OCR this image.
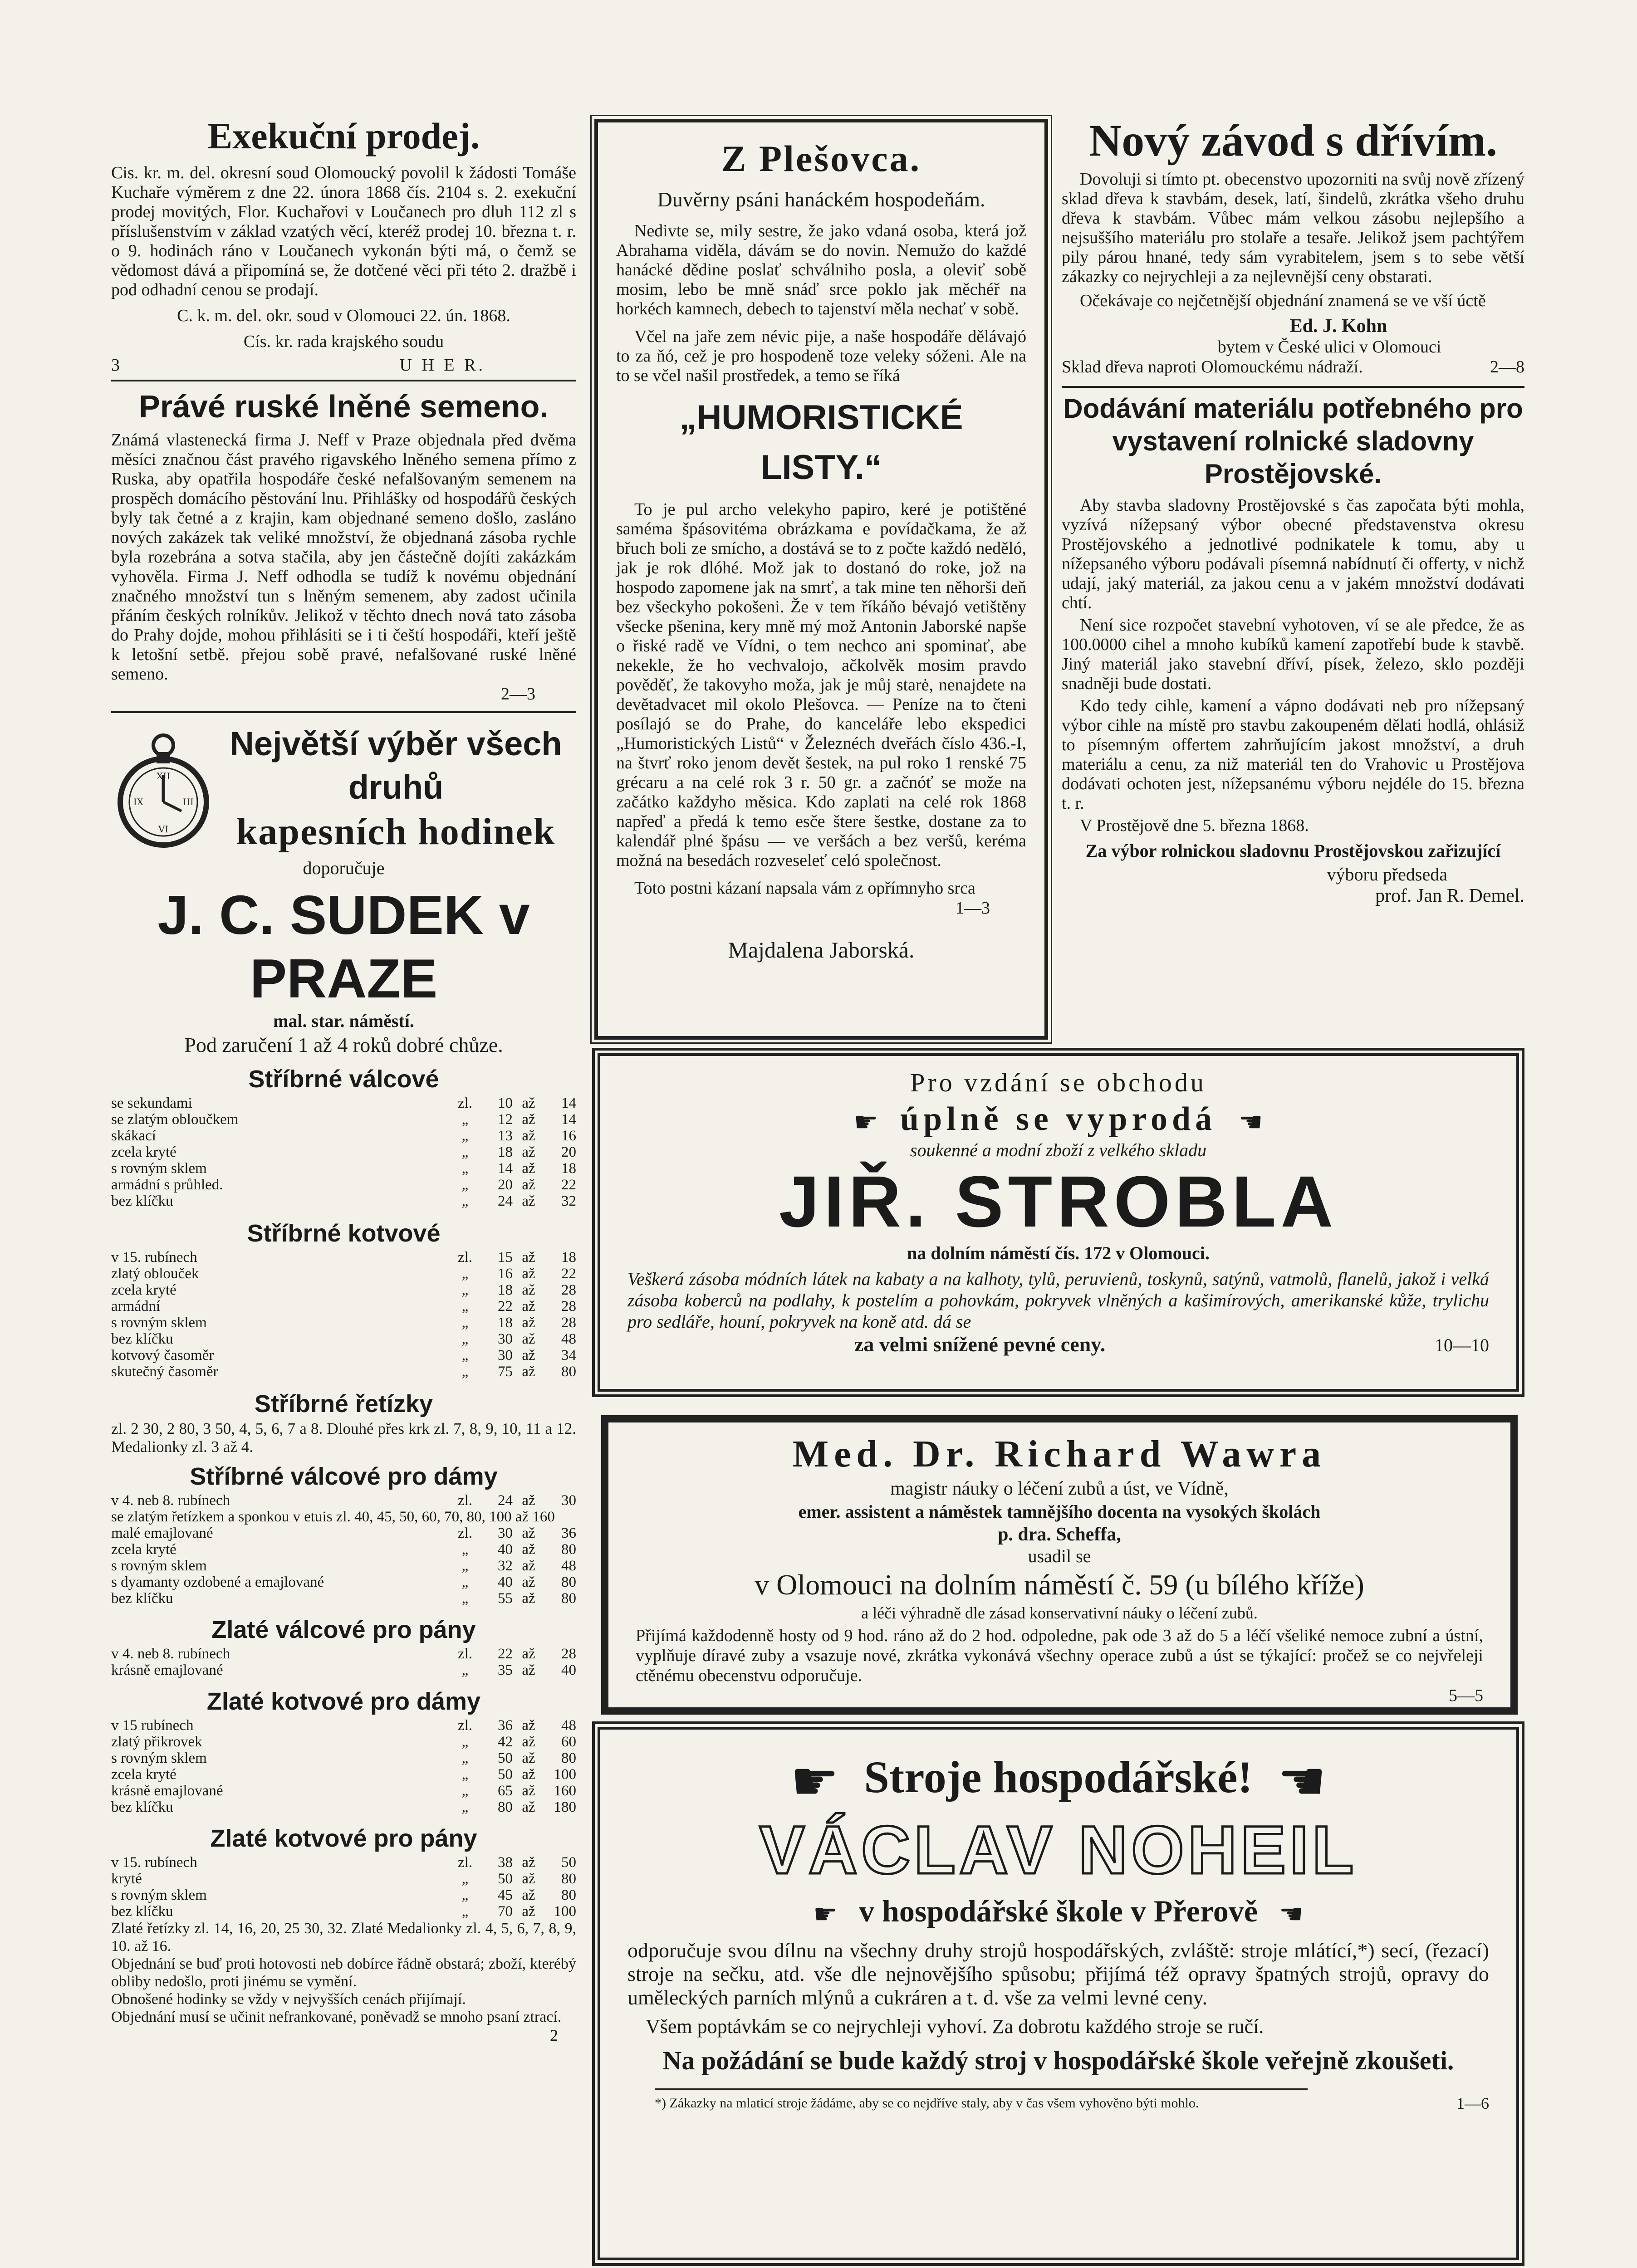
Exekuční prodej.

Cis. kr. m. del. okresní soud Olomoucký povolil k žádosti Tomáše Kuchaře výměrem z dne 22. února 1868 čís. 2104 s. 2. exekuční prodej movitých, Flor. Kuchařovi v Loučanech pro dluh 112 zl s příslušenstvím v základ vzatých věcí, kteréž prodej 10. března t. r. o 9. hodinách ráno v Loučanech vykonán býti má, o čemž se vědomost dává a připomíná se, že dotčené věci při této 2. dražbě i pod odhadní cenou se prodají.

C. k. m. del. okr. soud v Olomouci 22. ún. 1868.

Cís. kr. rada krajského soudu

3	U H E R.
Právé ruské lněné semeno.

Známá vlastenecká firma J. Neff v Praze objednala před dvěma měsíci značnou část pravého rigavského lněného semena přímo z Ruska, aby opatřila hospodáře české nefalšovaným semenem na prospěch domácího pěstování lnu. Přihlášky od hospodářů českých byly tak četné a z krajin, kam objednané semeno došlo, zasláno nových zakázek tak veliké množství, že objednaná zásoba rychle byla rozebrána a sotva stačila, aby jen částečně dojíti zakázkám vyhověla. Firma J. Neff odhodla se tudíž k novému objednání značného množství tun s lněným semenem, aby zadost učinila přáním českých rolníkův. Jelikož v těchto dnech nová tato zásoba do Prahy dojde, mohou přihlásiti se i ti čeští hospodáři, kteří ještě k letošní setbě. přejou sobě pravé, nefalšované ruské lněné semeno.

2—3
XII
III
VI
IX
Největší výběr všech druhů
kapesních hodinek
doporučuje
J. C. SUDEK v PRAZE
mal. star. náměstí.
Pod zaručení 1 až 4 roků dobré chůze.
Stříbrné válcové
se sekundami	zl.	10 až	14
se zlatým obloučkem	„	12 až	14
skákací	„	13 až	16
zcela kryté	„	18 až	20
s rovným sklem	„	14 až	18
armádní s průhled.	„	20 až	22
bez klíčku	„	24 až	32
Stříbrné kotvové
v 15. rubínech	zl.	15 až	18
zlatý oblouček	„	16 až	22
zcela kryté	„	18 až	28
armádní	„	22 až	28
s rovným sklem	„	18 až	28
bez klíčku	„	30 až	48
kotvový časoměr	„	30 až	34
skutečný časoměr	„	75 až	80
Stříbrné řetízky

zl. 2 30, 2 80, 3 50, 4, 5, 6, 7 a 8. Dlouhé přes krk zl. 7, 8, 9, 10, 11 a 12. Medalionky zl. 3 až 4.

Stříbrné válcové pro dámy
v 4. neb 8. rubínech	zl.	24 až	30

se zlatým řetízkem a sponkou v etuis zl. 40, 45, 50, 60, 70, 80, 100 až 160

malé emajlované	zl.	30 až	36
zcela kryté	„	40 až	80
s rovným sklem	„	32 až	48
s dyamanty ozdobené a emajlované	„	40 až	80
bez klíčku	„	55 až	80
Zlaté válcové pro pány
v 4. neb 8. rubínech	zl.	22 až	28
krásně emajlované	„	35 až	40
Zlaté kotvové pro dámy
v 15 rubínech	zl.	36 až	48
zlatý přikrovek	„	42 až	60
s rovným sklem	„	50 až	80
zcela kryté	„	50 až	100
krásně emajlované	„	65 až	160
bez klíčku	„	80 až	180
Zlaté kotvové pro pány
v 15. rubínech	zl.	38 až	50
kryté	„	50 až	80
s rovným sklem	„	45 až	80
bez klíčku	„	70 až	100

Zlaté řetízky zl. 14, 16, 20, 25 30, 32. Zlaté Medalionky zl. 4, 5, 6, 7, 8, 9, 10. až 16.

Objednání se buď proti hotovosti neb dobírce řádně obstará; zboží, kterébý obliby nedošlo, proti jinému se vymění.

Obnošené hodinky se vždy v nejvyšších cenách přijímají.

Objednání musí se učinit nefrankované, poněvadž se mnoho psaní ztrací.

2
Z Plešovca.
Duvěrny psáni hanáckém hospodeňám.

Nedivte se, mily sestre, že jako vdaná osoba, která jož Abrahama viděla, dávám se do novin. Nemužo do každé hanácké dědine poslať schválniho posla, a oleviť sobě mosim, lebo be mně snáď srce poklo jak měchéř na horkéch kamnech, debech to tajenství měla nechať v sobě.

Včel na jaře zem névic pije, a naše hospodáře dělávajó to za ňó, cež je pro hospodeně toze veleky sóženi. Ale na to se včel našil prostředek, a temo se říká

„HUMORISTICKÉ LISTY.“

To je pul archo velekyho papiro, keré je potištěné saméma špásovitéma obrázkama e povídačkama, že až břuch boli ze smícho, a dostává se to z počte každó neděló, jak je rok dlóhé. Mož jak to dostanó do roke, jož na hospodo zapomene jak na smrť, a tak mine ten něhorši deň bez všeckyho pokošeni. Že v tem říkáňo bévajó vetištěny všecke pšenina, kery mně mý mož Antonin Jaborské napše o řiské radě ve Vídni, o tem nechco ani spominať, abe nekekle, že ho vechvalojo, ačkolvěk mosim pravdo pověděť, že takovyho moža, jak je můj starė, nenajdete na devětadvacet mil okolo Plešovca. — Peníze na to čteni posílajó se do Prahe, do kanceláře lebo ekspedici „Humoristických Listů“ v Železnéch dveřách číslo 436.-I, na štvrť roko jenom devět šestek, na pul roko 1 renské 75 grécaru a na celé rok 3 r. 50 gr. a začnóť se može na začátko každyho měsica. Kdo zaplati na celé rok 1868 napřeď a předá k temo esče štere šestke, dostane za to kalendář plné špásu — ve veršách a bez veršů, keréma možná na besedách rozveseleť celó společnost.

Toto postni kázaní napsala vám z opřímnyho srca

1—3
Majdalena Jaborská.
Nový závod s dřívím.

Dovoluji si tímto pt. obecenstvo upozorniti na svůj nově zřízený sklad dřeva k stavbám, desek, latí, šindelů, zkrátka všeho druhu dřeva k stavbám. Vůbec mám velkou zásobu nejlepšího a nejsuššího materiálu pro stolaře a tesaře. Jelikož jsem pachtýřem pily párou hnané, tedy sám vyrabitelem, jsem s to sebe větší zákazky co nejrychleji a za nejlevnější ceny obstarati.

Očekávaje co nejčetnější objednání znamená se ve vší úctě

Ed. J. Kohn
bytem v České ulici v Olomouci
Sklad dřeva naproti Olomouckému nádraží.	2—8
Dodávání materiálu potřebného pro vystavení rolnické sladovny Prostějovské.

Aby stavba sladovny Prostějovské s čas započata býti mohla, vyzívá nížepsaný výbor obecné představenstva okresu Prostějovského a jednotlivé podnikatele k tomu, aby u nížepsaného výboru podávali písemná nabídnutí či offerty, v nichž udají, jaký materiál, za jakou cenu a v jakém množství dodávati chtí.

Není sice rozpočet stavební vyhotoven, ví se ale předce, že as 100.0000 cihel a mnoho kubíků kamení zapotřebí bude k stavbě. Jiný materiál jako stavební dříví, písek, železo, sklo později snadněji bude dostati.

Kdo tedy cihle, kamení a vápno dodávati neb pro nížepsaný výbor cihle na místě pro stavbu zakoupeném dělati hodlá, ohlásiž to písemným offertem zahrňujícím jakost množství, a druh materiálu a cenu, za niž materiál ten do Vrahovic u Prostějova dodávati ochoten jest, nížepsanému výboru nejdéle do 15. března t. r.

V Prostějově dne 5. března 1868.

Za výbor rolnickou sladovnu Prostějovskou zařizující
výboru předseda
prof. Jan R. Demel.
Pro vzdání se obchodu
☛ úplně se vyprodá ☚
soukenné a modní zboží z velkého skladu
JIŘ. STROBLA
na dolním náměstí čís. 172 v Olomouci.

Veškerá zásoba módních látek na kabaty a na kalhoty, tylů, peruvienů, toskynů, satýnů, vatmolů, flanelů, jakož i velká zásoba koberců na podlahy, k postelím a pohovkám, pokryvek vlněných a kašimírových, amerikanské kůže, trylichu pro sedláře, houní, pokryvek na koně atd. dá se

za velmi snížené pevné ceny.	10—10
Med. Dr. Richard Wawra
magistr náuky o léčení zubů a úst, ve Vídně,
emer. assistent a náměstek tamnějšího docenta na vysokých školách
p. dra. Scheffa,
usadil se
v Olomouci na dolním náměstí č. 59 (u bílého kříže)
a léči výhradně dle zásad konservativní náuky o léčení zubů.

Přijímá každodenně hosty od 9 hod. ráno až do 2 hod. odpoledne, pak ode 3 až do 5 a léčí všeliké nemoce zubní a ústní, vyplňuje díravé zuby a vsazuje nové, zkrátka vykonává všechny operace zubů a úst se týkající: pročež se co nejvřeleji ctěnému obecenstvu odporučuje.

5—5
☛ Stroje hospodářské! ☚
VÁCLAV NOHEIL
☛ v hospodářské škole v Přerově ☚

odporučuje svou dílnu na všechny druhy strojů hospodářských, zvláště: stroje mlátící,*) secí, (řezací) stroje na sečku, atd. vše dle nejnovějšího spůsobu; přijímá též opravy špatných strojů, opravy do uměleckých parních mlýnů a cukráren a t. d. vše za velmi levné ceny.

Všem poptávkám se co nejrychleji vyhoví. Za dobrotu každého stroje se ručí.

Na požádání se bude každý stroj v hospodářské škole veřejně zkoušeti.
*) Zákazky na mlaticí stroje žádáme, aby se co nejdříve staly, aby v čas všem vyhověno býti mohlo.	1—6
